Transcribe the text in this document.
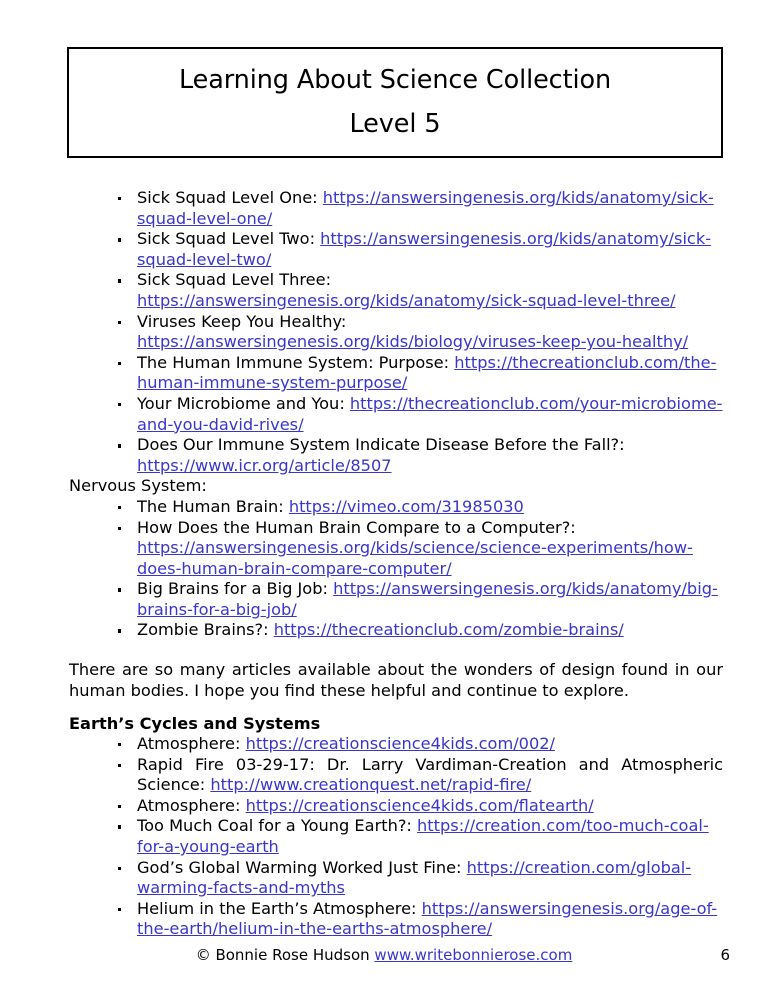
Learning About Science Collection
Level 5
Sick Squad Level One: https://answersingenesis.org/kids/anatomy/sick-squad-level-one/
Sick Squad Level Two: https://answersingenesis.org/kids/anatomy/sick-squad-level-two/
Sick Squad Level Three: https://answersingenesis.org/kids/anatomy/sick-squad-level-three/
Viruses Keep You Healthy: https://answersingenesis.org/kids/biology/viruses-keep-you-healthy/
The Human Immune System: Purpose: https://thecreationclub.com/the-human-immune-system-purpose/
Your Microbiome and You: https://thecreationclub.com/your-microbiome-and-you-david-rives/
Does Our Immune System Indicate Disease Before the Fall?: https://www.icr.org/article/8507
Nervous System:
The Human Brain: https://vimeo.com/31985030
How Does the Human Brain Compare to a Computer?: https://answersingenesis.org/kids/science/science-experiments/how-does-human-brain-compare-computer/
Big Brains for a Big Job: https://answersingenesis.org/kids/anatomy/big-brains-for-a-big-job/
Zombie Brains?: https://thecreationclub.com/zombie-brains/
There are so many articles available about the wonders of design found in our human bodies. I hope you find these helpful and continue to explore.
Earth’s Cycles and Systems
Atmosphere: https://creationscience4kids.com/002/
Rapid Fire 03-29-17: Dr. Larry Vardiman-Creation and Atmospheric Science: http://www.creationquest.net/rapid-fire/
Atmosphere: https://creationscience4kids.com/flatearth/
Too Much Coal for a Young Earth?: https://creation.com/too-much-coal-for-a-young-earth
God’s Global Warming Worked Just Fine: https://creation.com/global-warming-facts-and-myths
Helium in the Earth’s Atmosphere: https://answersingenesis.org/age-of-the-earth/helium-in-the-earths-atmosphere/
© Bonnie Rose Hudson www.writebonnierose.com	6
